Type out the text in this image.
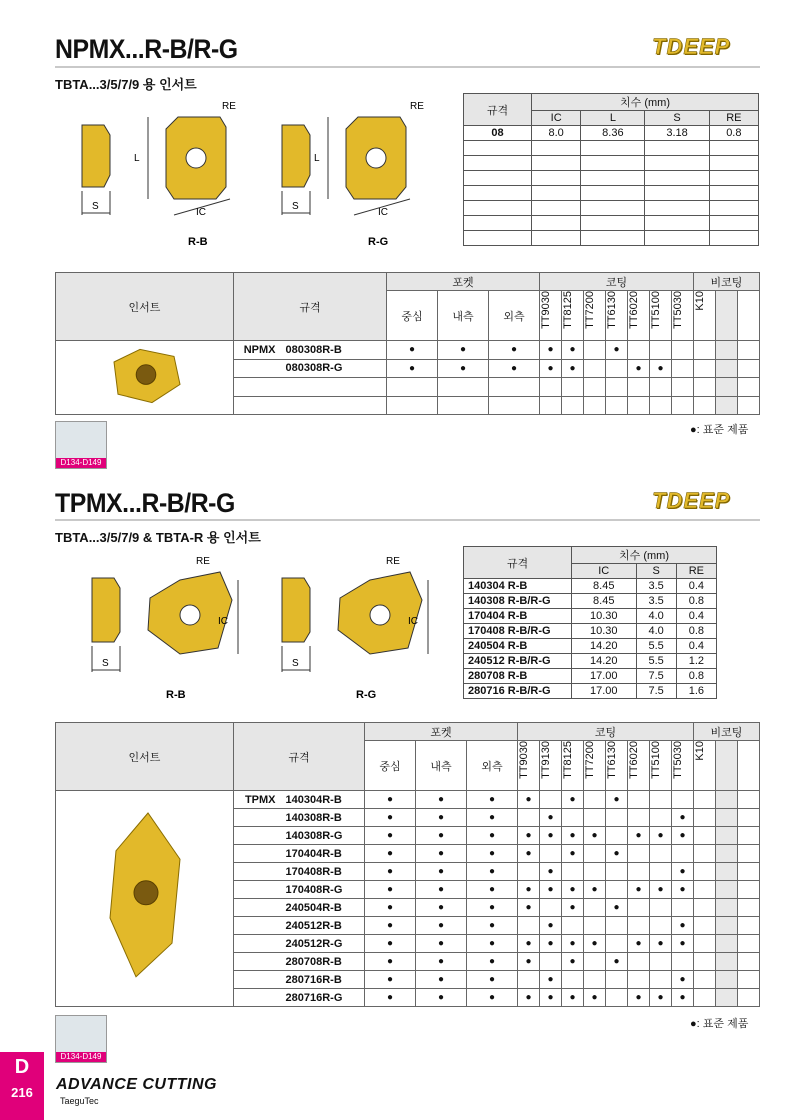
NPMX...R-B/R-G	TDEEP
TBTA...3/5/7/9 용 인서트
S
L
RE
IC
R-B
S
L
RE
IC
R-G
규격	치수 (mm)			
	IC	L	S	RE
08	8.0	8.36	3.18	0.8

인서트	규격		포켓			코팅							비코팅		
			중심	내측	외측	TT9030	TT8125	TT7200	TT6130	TT6020	TT5100	TT5030	K10		
	NPMX	080308R-B	●	●	●	●	●		●						
		080308R-G	●	●	●	●	●			●	●				

●: 표준 제품
D134-D149
TPMX...R-B/R-G	TDEEP
TBTA...3/5/7/9 & TBTA-R 용 인서트
S
RE
IC
R-B
S
RE
IC
R-G
규격	치수 (mm)		
	IC	S	RE
140304 R-B	8.45	3.5	0.4
140308 R-B/R-G	8.45	3.5	0.8
170404 R-B	10.30	4.0	0.4
170408 R-B/R-G	10.30	4.0	0.8
240504 R-B	14.20	5.5	0.4
240512 R-B/R-G	14.20	5.5	1.2
280708 R-B	17.00	7.5	0.8
280716 R-B/R-G	17.00	7.5	1.6
인서트	규격		포켓			코팅								비코팅		
			중심	내측	외측	TT9030	TT9130	TT8125	TT7200	TT6130	TT6020	TT5100	TT5030	K10		
	TPMX	140304R-B	●	●	●	●		●		●						
		140308R-B	●	●	●		●						●			
		140308R-G	●	●	●	●	●	●	●		●	●	●			
		170404R-B	●	●	●	●		●		●						
		170408R-B	●	●	●		●						●			
		170408R-G	●	●	●	●	●	●	●		●	●	●			
		240504R-B	●	●	●	●		●		●						
		240512R-B	●	●	●		●						●			
		240512R-G	●	●	●	●	●	●	●		●	●	●			
		280708R-B	●	●	●	●		●		●						
		280716R-B	●	●	●		●						●			
		280716R-G	●	●	●	●	●	●	●		●	●	●			
●: 표준 제품
D134-D149
D
216	ADVANCE CUTTING
TaeguTec
